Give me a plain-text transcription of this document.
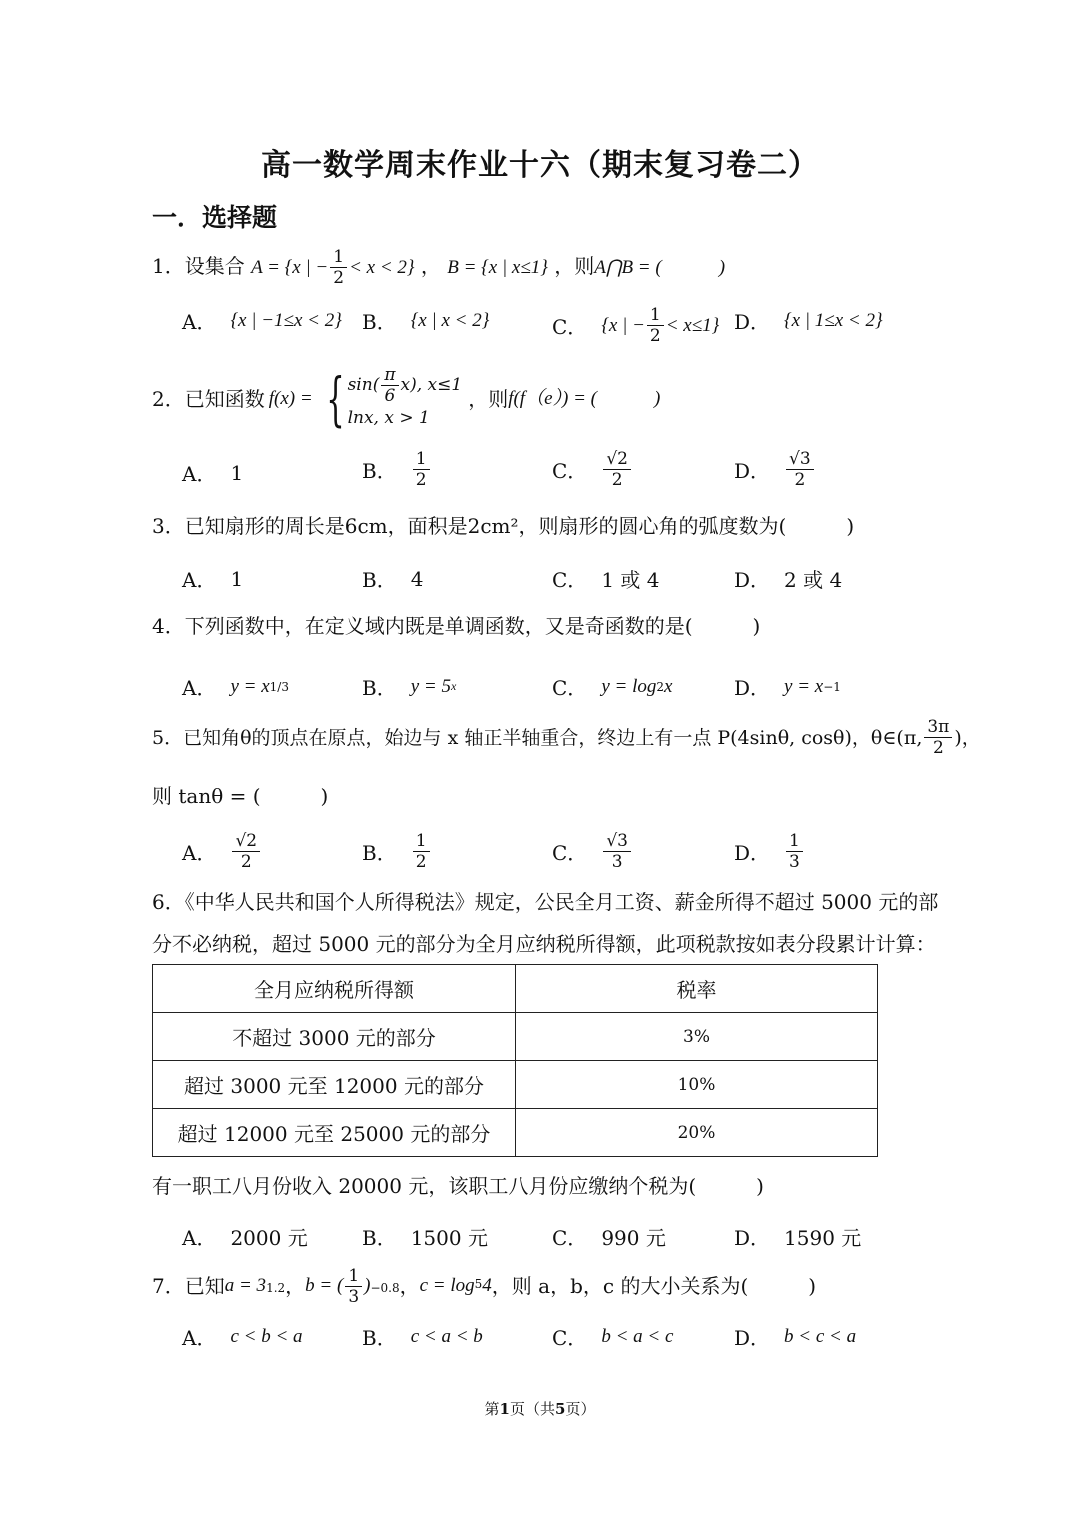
高一数学周末作业十六（期末复习卷二）
一．选择题
1．设集合 A = {x | − $\frac{1}{2} < x < 2$} ， B = {x | x≤1} ，则A⋂B = (　　　)
A． {x | −1≤x < 2} B． {x | x < 2}	C． {x | − $\frac{1}{2} < x\le 1$} D． {x | 1≤x < 2}
2．已知函数 f(x) = { $\sin( \frac{\pi}{6} x)$, x≤1
lnx, x > 1
，则 f(f（e）) = (　　　)
A． 1	B． $\frac{1}{2}$	C． $\frac{√2}{2}$	D． $\frac{√3}{2}$
3．已知扇形的周长是6cm，面积是2cm²，则扇形的圆心角的弧度数为(　　　)
A． 1	B． 4	C． 1 或 4	D． 2 或 4
4．下列函数中，在定义域内既是单调函数，又是奇函数的是(　　　)
A． y = x 1/3	B． y = 5 x	C． y = log 2 x	D． y = x −1
5．已知角θ的顶点在原点，始边与 x 轴正半轴重合，终边上有一点 P(4sinθ, cosθ)，θ∈(π, $\frac{3\pi}{2}$ )，
则 tanθ = (　　　)
A． $\frac{√2}{2}$	B． $\frac{1}{2}$	C． $\frac{√3}{3}$	D． $\frac{1}{3}$
6．《中华人民共和国个人所得税法》规定，公民全月工资、薪金所得不超过 5000 元的部
分不必纳税，超过 5000 元的部分为全月应纳税所得额，此项税款按如表分段累计计算：
全月应纳税所得额	税率
不超过 3000 元的部分	3%
超过 3000 元至 12000 元的部分	10%
超过 12000 元至 25000 元的部分	20%
有一职工八月份收入 20000 元，该职工八月份应缴纳个税为(　　　)
A． 2000 元	B． 1500 元	C． 990 元	D． 1590 元
7．已知 a = 3 1.2 ， b = ( $\frac{1}{3}$ ) −0.8 ， c = log 5 4 ，则 a，b，c 的大小关系为(　　　)
A． c < b < a	B． c < a < b	C． b < a < c	D． b < c < a
第1页（共5页）
